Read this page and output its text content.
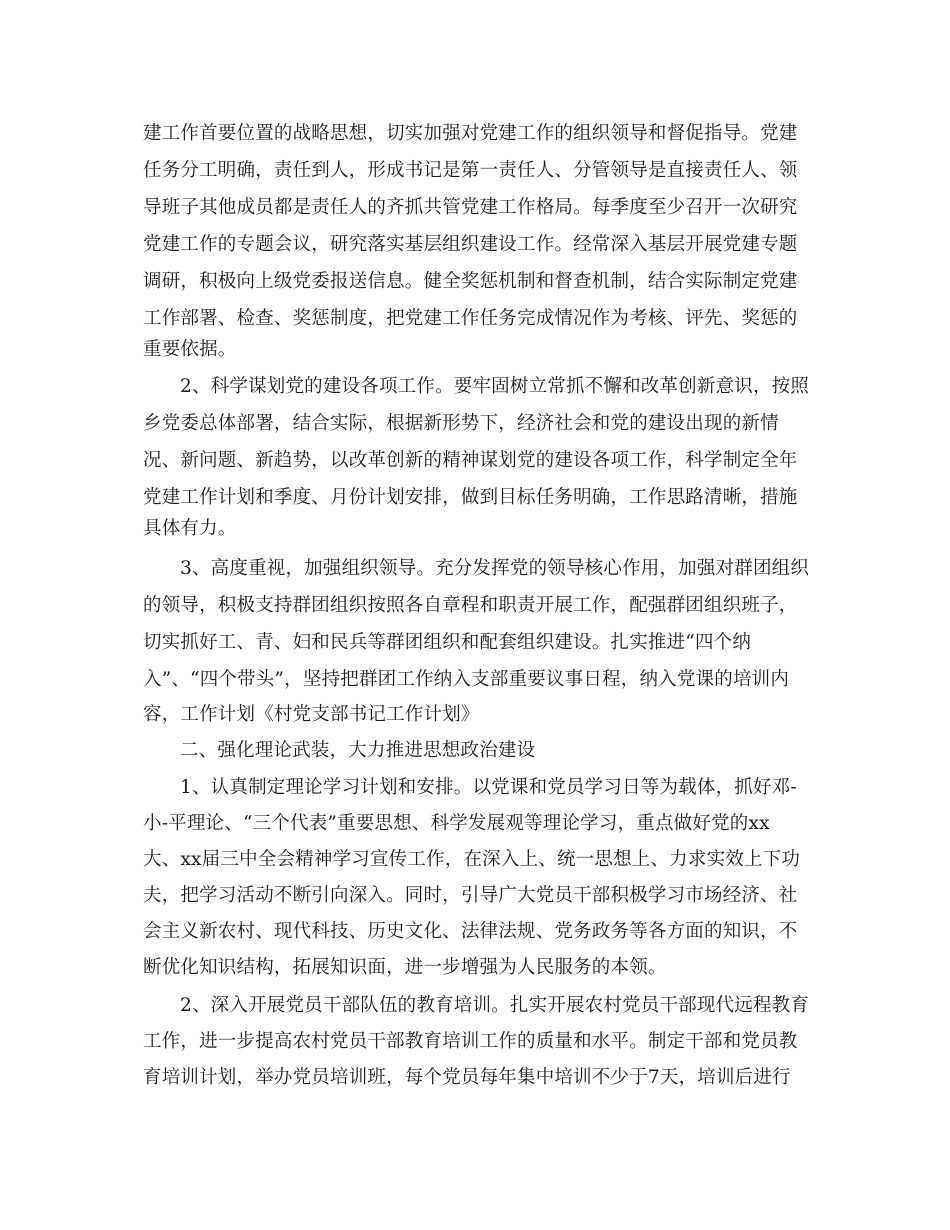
建工作首要位置的战略思想，切实加强对党建工作的组织领导和督促指导。党建
任务分工明确，责任到人，形成书记是第一责任人、分管领导是直接责任人、领
导班子其他成员都是责任人的齐抓共管党建工作格局。每季度至少召开一次研究
党建工作的专题会议，研究落实基层组织建设工作。经常深入基层开展党建专题
调研，积极向上级党委报送信息。健全奖惩机制和督查机制，结合实际制定党建
工作部署、检查、奖惩制度，把党建工作任务完成情况作为考核、评先、奖惩的
重要依据。
2、科学谋划党的建设各项工作。要牢固树立常抓不懈和改革创新意识，按照
乡党委总体部署，结合实际，根据新形势下，经济社会和党的建设出现的新情
况、新问题、新趋势，以改革创新的精神谋划党的建设各项工作，科学制定全年
党建工作计划和季度、月份计划安排，做到目标任务明确，工作思路清晰，措施
具体有力。
3、高度重视，加强组织领导。充分发挥党的领导核心作用，加强对群团组织
的领导，积极支持群团组织按照各自章程和职责开展工作，配强群团组织班子，
切实抓好工、青、妇和民兵等群团组织和配套组织建设。扎实推进“四个纳
入”、“四个带头”，坚持把群团工作纳入支部重要议事日程，纳入党课的培训内
容，工作计划《村党支部书记工作计划》
二、强化理论武装，大力推进思想政治建设
1、认真制定理论学习计划和安排。以党课和党员学习日等为载体，抓好邓-
小-平理论、“三个代表”重要思想、科学发展观等理论学习，重点做好党的xx
大、xx届三中全会精神学习宣传工作，在深入上、统一思想上、力求实效上下功
夫，把学习活动不断引向深入。同时，引导广大党员干部积极学习市场经济、社
会主义新农村、现代科技、历史文化、法律法规、党务政务等各方面的知识，不
断优化知识结构，拓展知识面，进一步增强为人民服务的本领。
2、深入开展党员干部队伍的教育培训。扎实开展农村党员干部现代远程教育
工作，进一步提高农村党员干部教育培训工作的质量和水平。制定干部和党员教
育培训计划，举办党员培训班，每个党员每年集中培训不少于7天，培训后进行
